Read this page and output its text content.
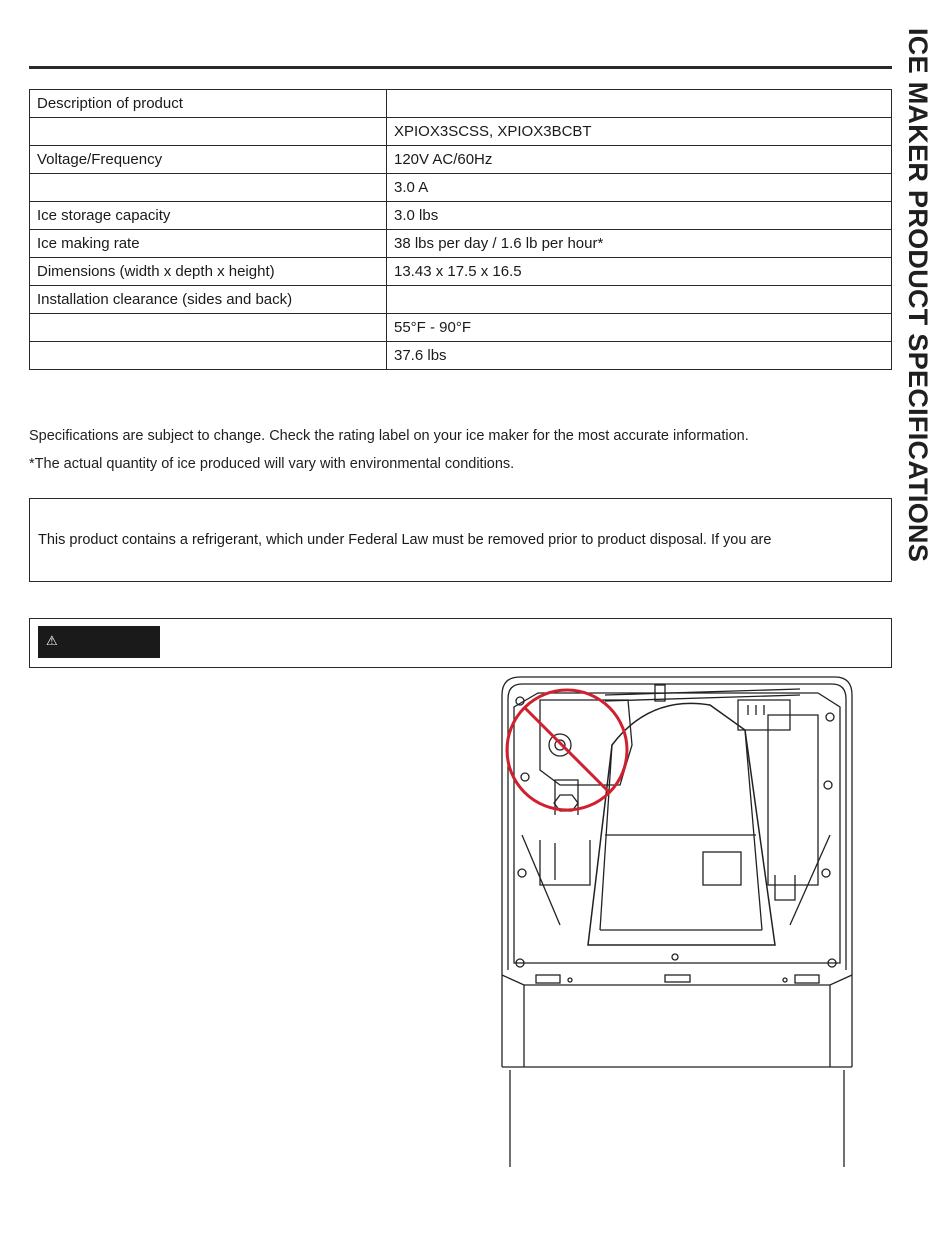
ICE MAKER PRODUCT SPECIFICATIONS
Description of product	
	XPIOX3SCSS, XPIOX3BCBT
Voltage/Frequency	120V AC/60Hz
	3.0 A
Ice storage capacity	3.0 lbs
Ice making rate	38 lbs per day / 1.6 lb per hour*
Dimensions (width x depth x height)	13.43 x 17.5 x 16.5
Installation clearance (sides and back)	
	55°F - 90°F
	37.6 lbs
Specifications are subject to change. Check the rating label on your ice maker for the most accurate information.
*The actual quantity of ice produced will vary with environmental conditions.
This product contains a refrigerant, which under Federal Law must be removed prior to product disposal. If you are
⚠
